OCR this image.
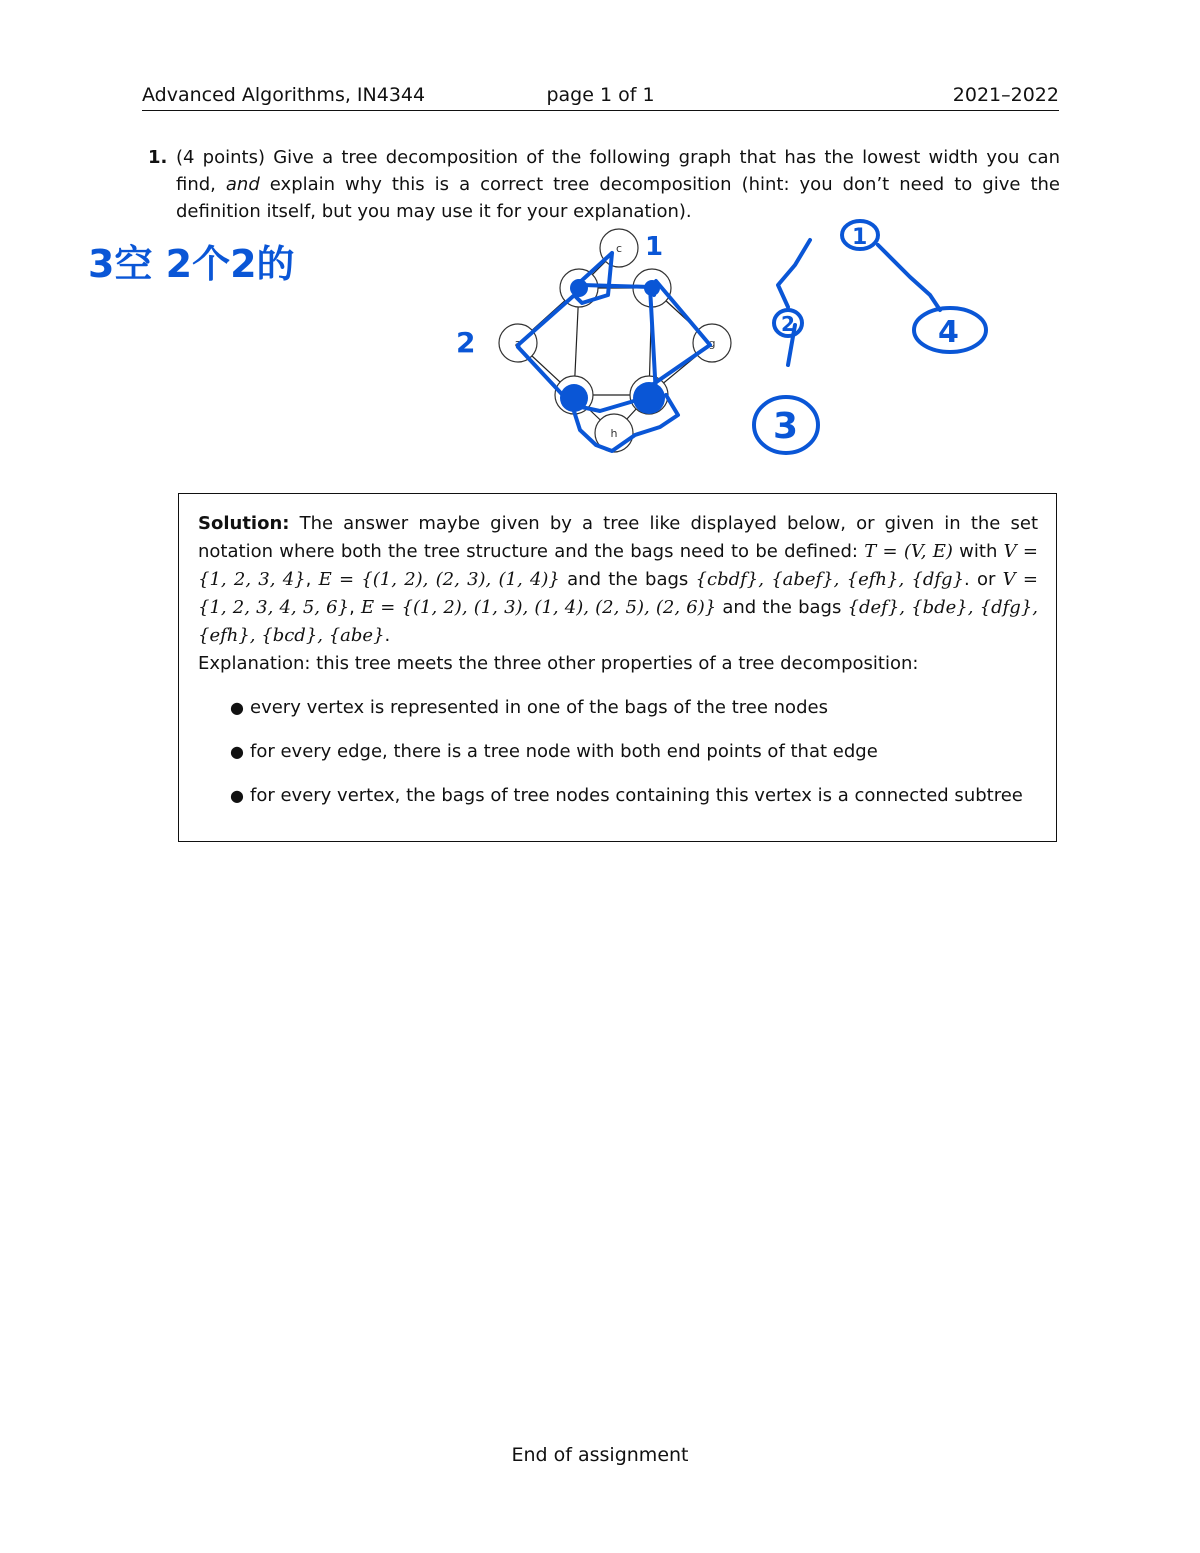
Advanced Algorithms, IN4344	page 1 of 1	2021–2022
1. (4 points) Give a tree decomposition of the following graph that has the lowest width you can find, and explain why this is a correct tree decomposition (hint: you don’t need to give the definition itself, but you may use it for your explanation).
c
a	g
h
3空 2个2的	1
2
1
2
3
4

Solution: The answer maybe given by a tree like displayed below, or given in the set notation where both the tree structure and the bags need to be defined: T = (V, E) with V = {1, 2, 3, 4}, E = {(1, 2), (2, 3), (1, 4)} and the bags {cbdf}, {abef}, {efh}, {dfg}. or V = {1, 2, 3, 4, 5, 6}, E = {(1, 2), (1, 3), (1, 4), (2, 5), (2, 6)} and the bags {def}, {bde}, {dfg}, {efh}, {bcd}, {abe}.

Explanation: this tree meets the three other properties of a tree decomposition:

● every vertex is represented in one of the bags of the tree nodes
● for every edge, there is a tree node with both end points of that edge
● for every vertex, the bags of tree nodes containing this vertex is a connected subtree
End of assignment
